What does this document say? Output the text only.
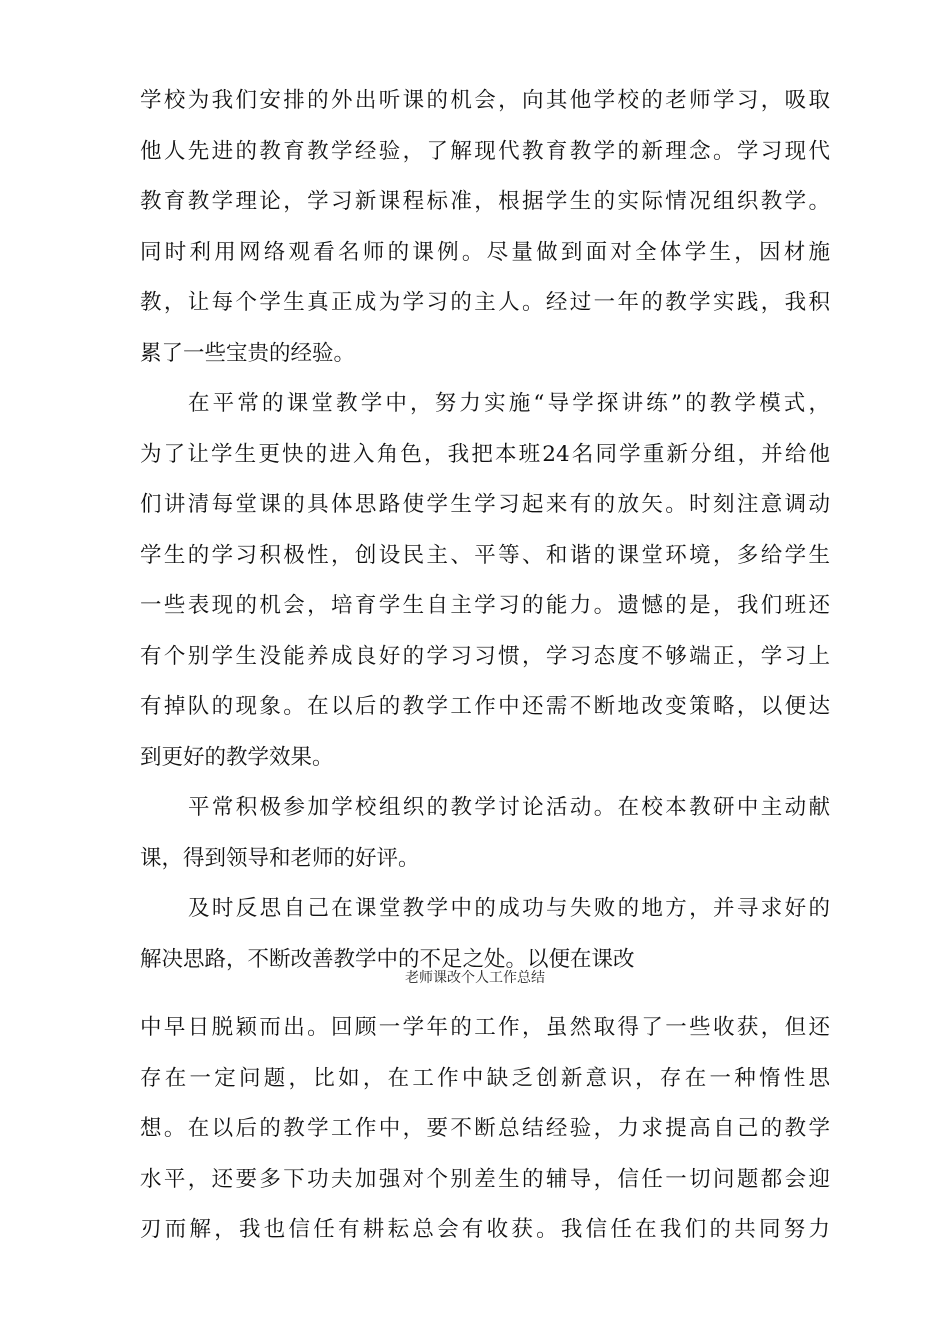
学校为我们安排的外出听课的机会，向其他学校的老师学习，吸取
他人先进的教育教学经验，了解现代教育教学的新理念。学习现代
教育教学理论，学习新课程标准，根据学生的实际情况组织教学。
同时利用网络观看名师的课例。尽量做到面对全体学生，因材施
教，让每个学生真正成为学习的主人。经过一年的教学实践，我积
累了一些宝贵的经验。
在平常的课堂教学中，努力实施“导学探讲练”的教学模式，
为了让学生更快的进入角色，我把本班24名同学重新分组，并给他
们讲清每堂课的具体思路使学生学习起来有的放矢。时刻注意调动
学生的学习积极性，创设民主、平等、和谐的课堂环境，多给学生
一些表现的机会，培育学生自主学习的能力。遗憾的是，我们班还
有个别学生没能养成良好的学习习惯，学习态度不够端正，学习上
有掉队的现象。在以后的教学工作中还需不断地改变策略，以便达
到更好的教学效果。
平常积极参加学校组织的教学讨论活动。在校本教研中主动献
课，得到领导和老师的好评。
及时反思自己在课堂教学中的成功与失败的地方，并寻求好的
解决思路，不断改善教学中的不足之处。以便在课改
老师课改个人工作总结
中早日脱颖而出。回顾一学年的工作，虽然取得了一些收获，但还
存在一定问题，比如，在工作中缺乏创新意识，存在一种惰性思
想。在以后的教学工作中，要不断总结经验，力求提高自己的教学
水平，还要多下功夫加强对个别差生的辅导，信任一切问题都会迎
刃而解，我也信任有耕耘总会有收获。我信任在我们的共同努力
